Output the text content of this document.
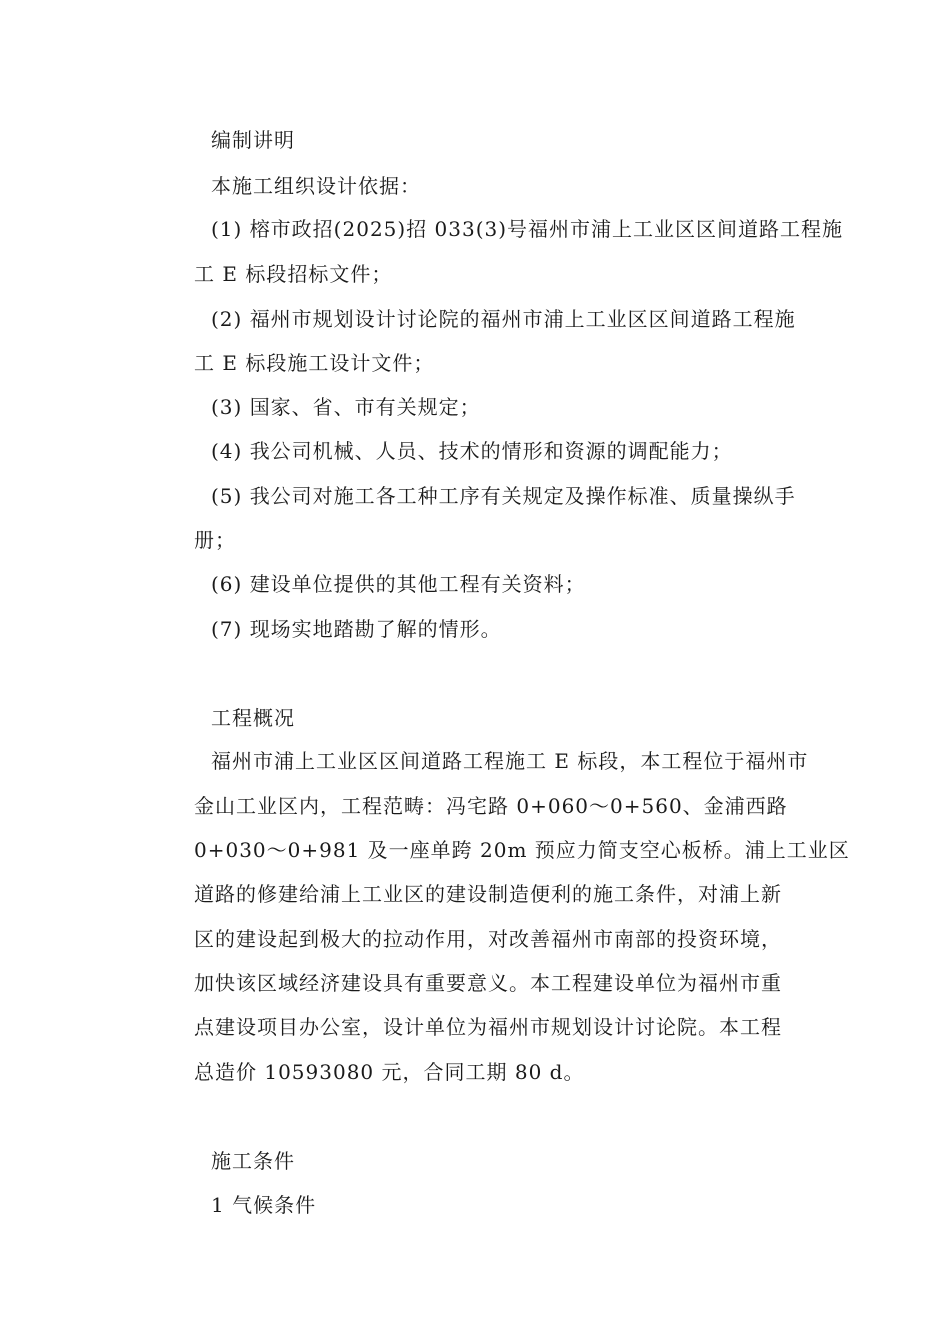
编制讲明
本施工组织设计依据：
(1) 榕市政招(2025)招 033(3)号福州市浦上工业区区间道路工程施
工 E 标段招标文件；
(2) 福州市规划设计讨论院的福州市浦上工业区区间道路工程施
工 E 标段施工设计文件；
(3) 国家、省、市有关规定；
(4) 我公司机械、人员、技术的情形和资源的调配能力；
(5) 我公司对施工各工种工序有关规定及操作标准、质量操纵手
册；
(6) 建设单位提供的其他工程有关资料；
(7) 现场实地踏勘了解的情形。
工程概况
福州市浦上工业区区间道路工程施工 E 标段，本工程位于福州市
金山工业区内，工程范畴：冯宅路 0+060～0+560、金浦西路
0+030～0+981 及一座单跨 20m 预应力简支空心板桥。浦上工业区
道路的修建给浦上工业区的建设制造便利的施工条件，对浦上新
区的建设起到极大的拉动作用，对改善福州市南部的投资环境，
加快该区域经济建设具有重要意义。本工程建设单位为福州市重
点建设项目办公室，设计单位为福州市规划设计讨论院。本工程
总造价 10593080 元，合同工期 80 d。
施工条件
1 气候条件
